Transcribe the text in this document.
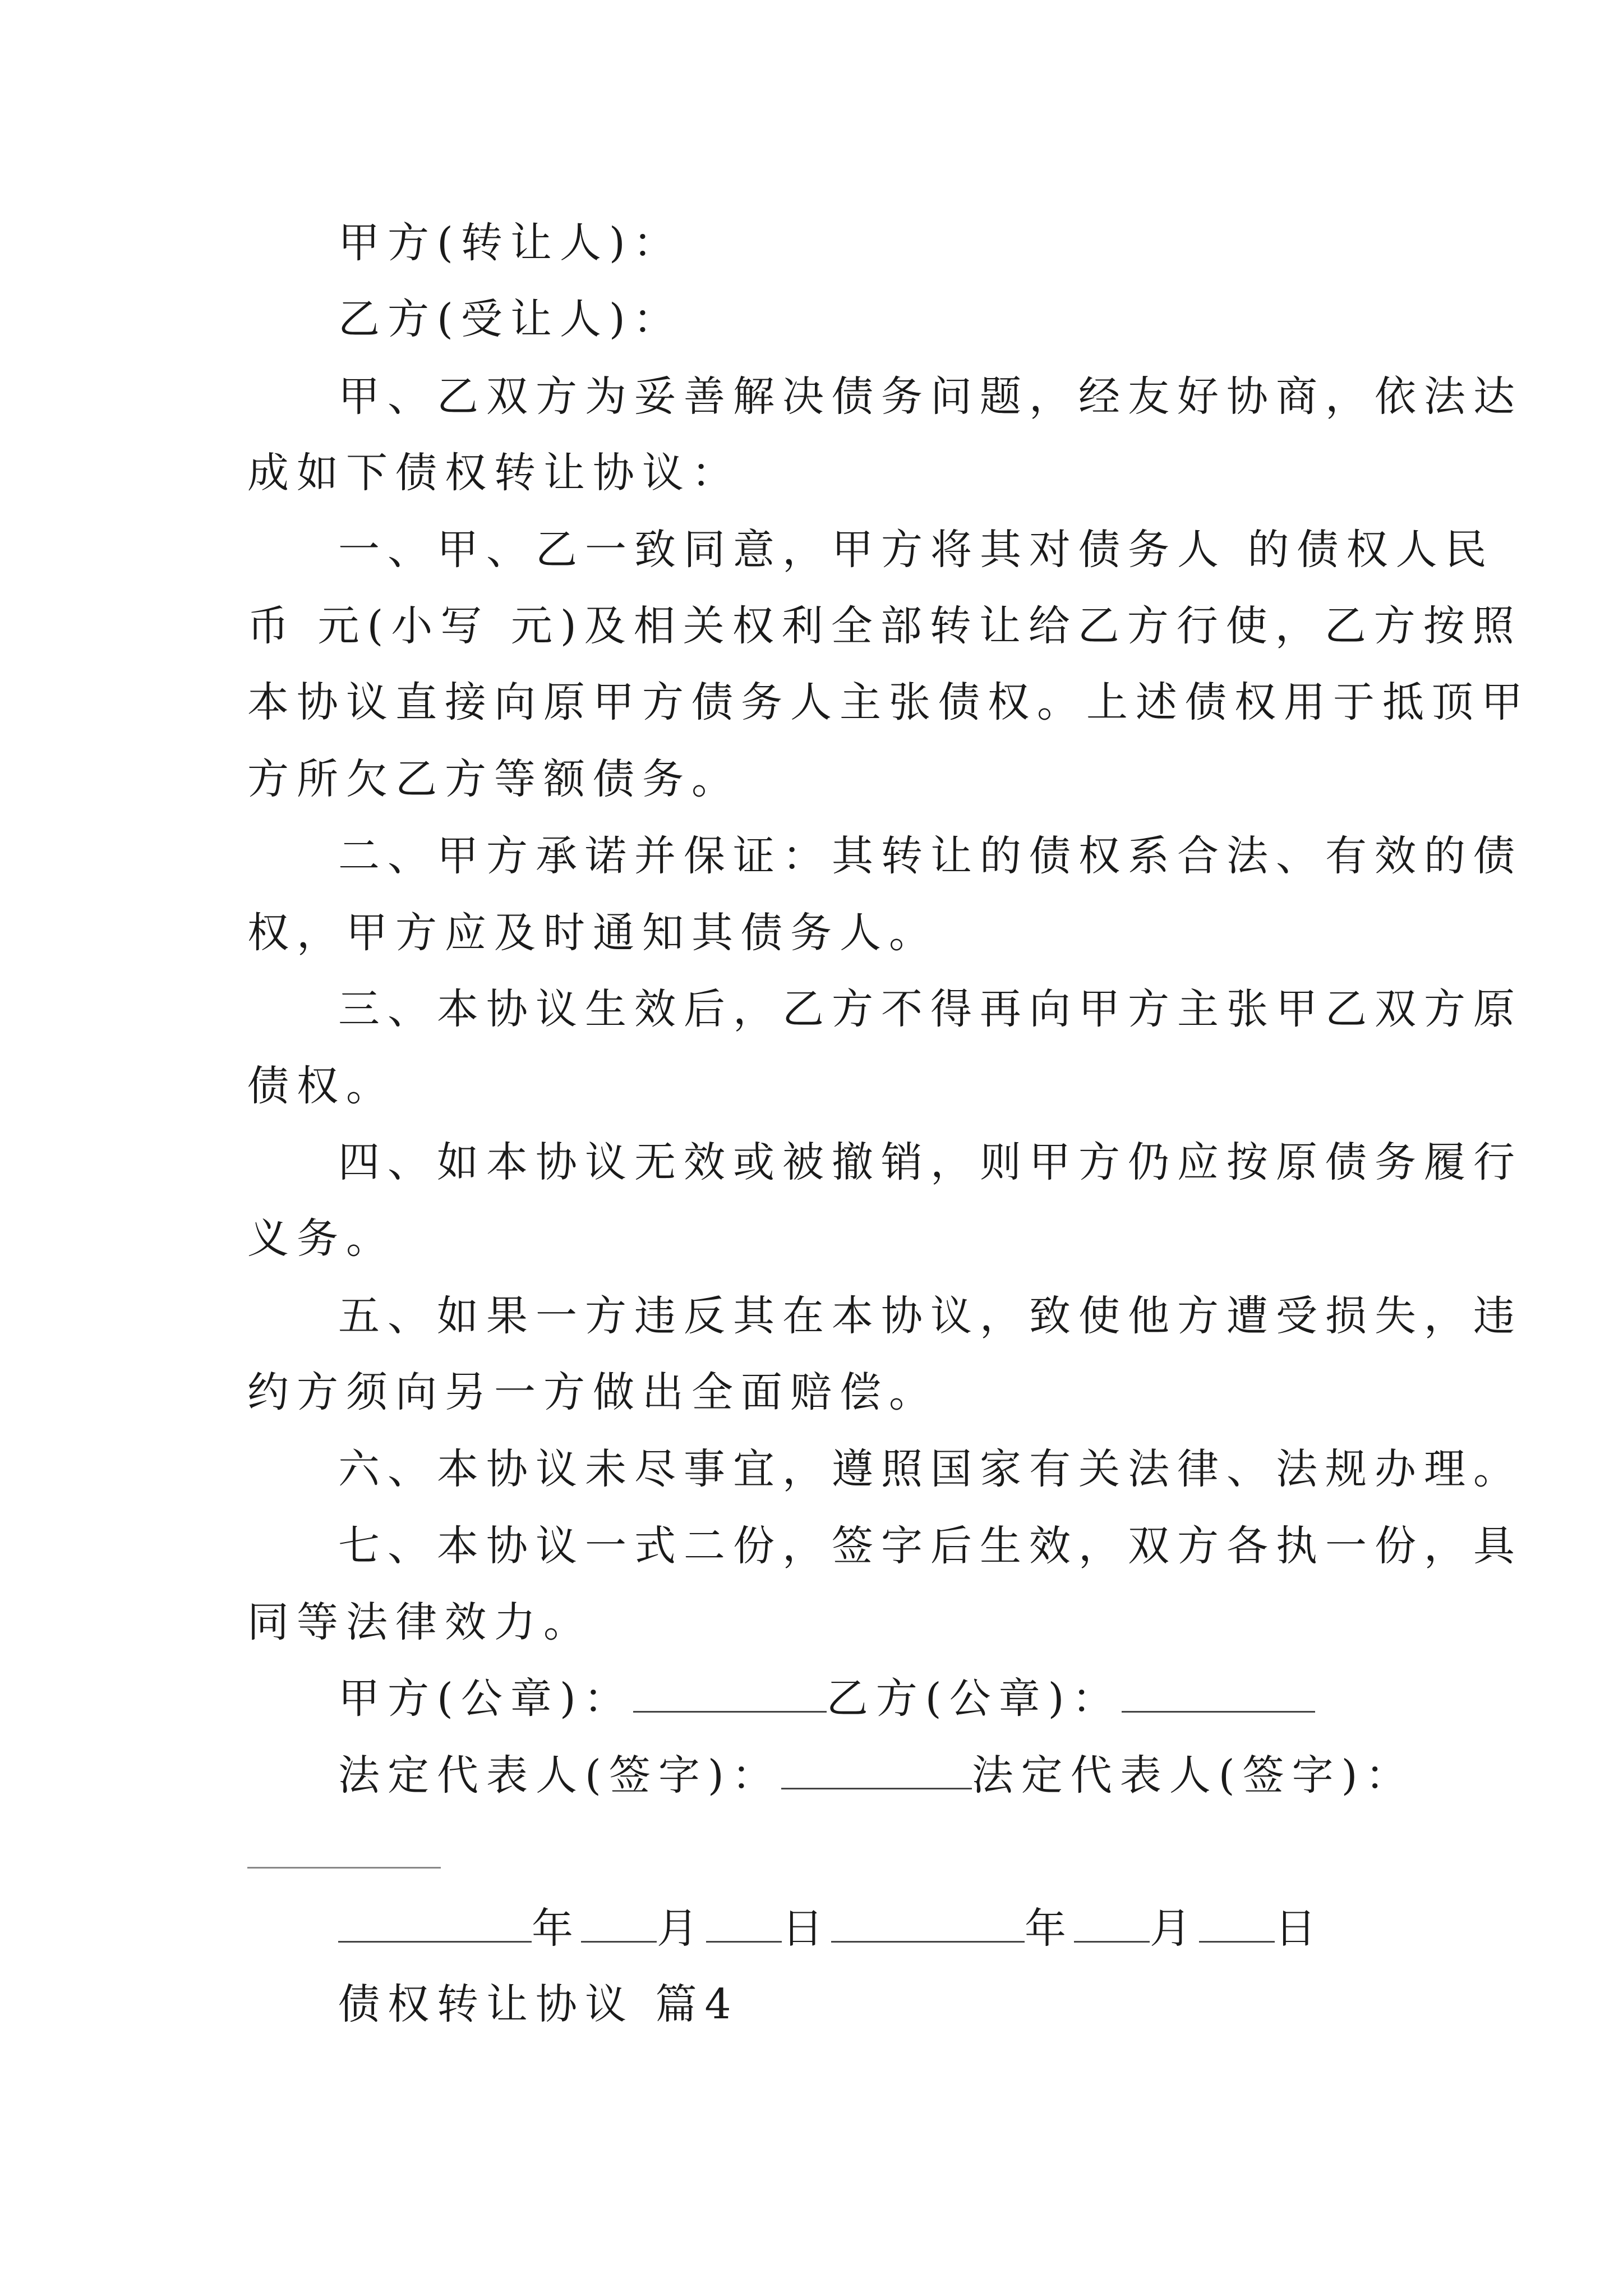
甲方(转让人)：
乙方(受让人)：
甲、乙双方为妥善解决债务问题，经友好协商，依法达
成如下债权转让协议：
一、甲、乙一致同意，甲方将其对债务人 的债权人民
币 元(小写 元)及相关权利全部转让给乙方行使，乙方按照
本协议直接向原甲方债务人主张债权。上述债权用于抵顶甲
方所欠乙方等额债务。
二、甲方承诺并保证：其转让的债权系合法、有效的债
权，甲方应及时通知其债务人。
三、本协议生效后，乙方不得再向甲方主张甲乙双方原
债权。
四、如本协议无效或被撤销，则甲方仍应按原债务履行
义务。
五、如果一方违反其在本协议，致使他方遭受损失，违
约方须向另一方做出全面赔偿。
六、本协议未尽事宜，遵照国家有关法律、法规办理。
七、本协议一式二份，签字后生效，双方各执一份，具
同等法律效力。
甲方(公章)：	乙方(公章)：
法定代表人(签字)：	法定代表人(签字)：
年 月 日	年 月 日
债权转让协议 篇4
